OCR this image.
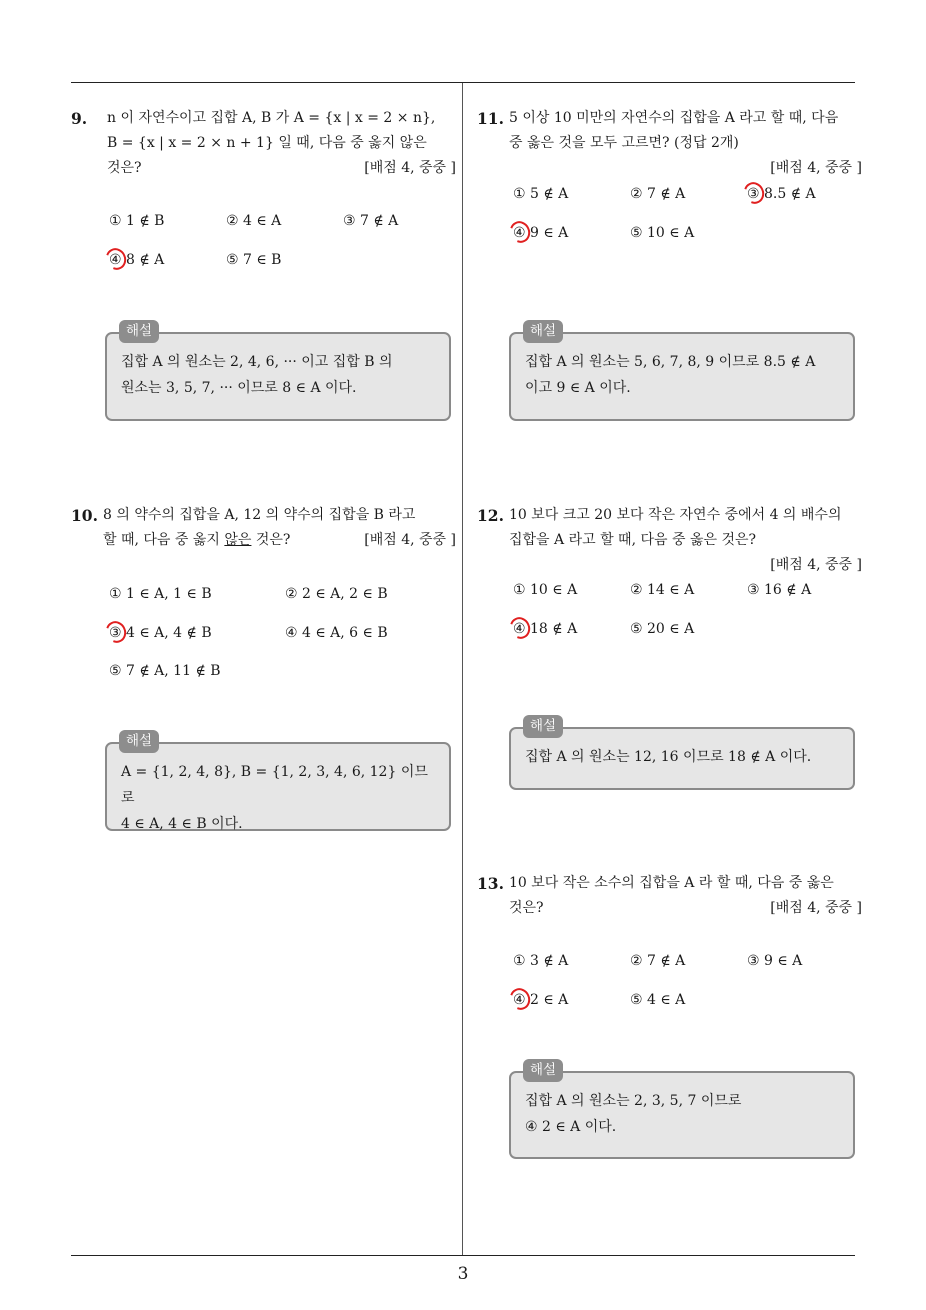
9.	n 이 자연수이고 집합 A, B 가 A = {x | x = 2 × n},
B = {x | x = 2 × n + 1} 일 때, 다음 중 옳지 않은
것은?	[배점 4, 중중 ]

① 1 ∉ B	② 4 ∈ A	③ 7 ∉ A
④ 8 ∉ A	⑤ 7 ∈ B
해설

집합 A 의 원소는 2, 4, 6, ··· 이고 집합 B 의
원소는 3, 5, 7, ··· 이므로 8 ∈ A 이다.

10. 8 의 약수의 집합을 A, 12 의 약수의 집합을 B 라고
할 때, 다음 중 옳지 않은 것은?	[배점 4, 중중 ]

① 1 ∈ A, 1 ∈ B	② 2 ∈ A, 2 ∈ B
③ 4 ∈ A, 4 ∉ B	④ 4 ∈ A, 6 ∈ B
⑤ 7 ∉ A, 11 ∉ B
해설

A = {1, 2, 4, 8}, B = {1, 2, 3, 4, 6, 12} 이므로
4 ∈ A, 4 ∈ B 이다.

11. 5 이상 10 미만의 자연수의 집합을 A 라고 할 때, 다음
중 옳은 것을 모두 고르면? (정답 2개)

[배점 4, 중중 ]

① 5 ∉ A	② 7 ∉ A	③ 8.5 ∉ A
④ 9 ∈ A	⑤ 10 ∈ A
해설

집합 A 의 원소는 5, 6, 7, 8, 9 이므로 8.5 ∉ A
이고 9 ∈ A 이다.

12. 10 보다 크고 20 보다 작은 자연수 중에서 4 의 배수의
집합을 A 라고 할 때, 다음 중 옳은 것은?

[배점 4, 중중 ]

① 10 ∈ A	② 14 ∈ A	③ 16 ∉ A
④ 18 ∉ A	⑤ 20 ∈ A
해설

집합 A 의 원소는 12, 16 이므로 18 ∉ A 이다.

13. 10 보다 작은 소수의 집합을 A 라 할 때, 다음 중 옳은
것은?	[배점 4, 중중 ]

① 3 ∉ A	② 7 ∉ A	③ 9 ∈ A
④ 2 ∈ A	⑤ 4 ∈ A
해설

집합 A 의 원소는 2, 3, 5, 7 이므로
④ 2 ∈ A 이다.

3
